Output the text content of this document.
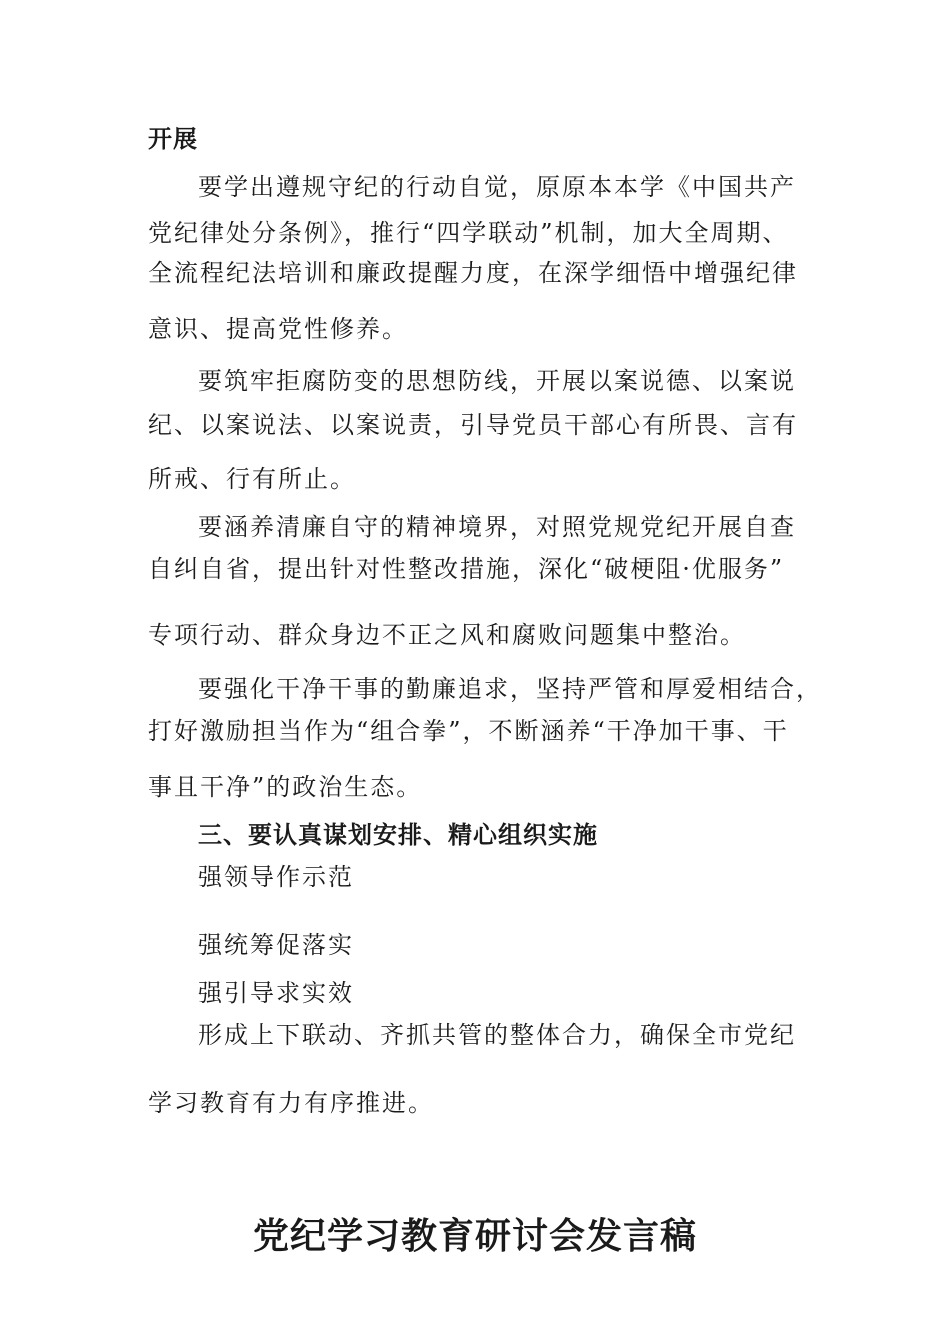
开展
要学出遵规守纪的行动自觉，原原本本学《中国共产
党纪律处分条例》，推行“四学联动”机制，加大全周期、
全流程纪法培训和廉政提醒力度，在深学细悟中增强纪律
意识、提高党性修养。
要筑牢拒腐防变的思想防线，开展以案说德、以案说
纪、以案说法、以案说责，引导党员干部心有所畏、言有
所戒、行有所止。
要涵养清廉自守的精神境界，对照党规党纪开展自查
自纠自省，提出针对性整改措施，深化“破梗阻·优服务”
专项行动、群众身边不正之风和腐败问题集中整治。
要强化干净干事的勤廉追求，坚持严管和厚爱相结合，
打好激励担当作为“组合拳”，不断涵养“干净加干事、干
事且干净”的政治生态。
三、要认真谋划安排、精心组织实施
强领导作示范
强统筹促落实
强引导求实效
形成上下联动、齐抓共管的整体合力，确保全市党纪
学习教育有力有序推进。
党纪学习教育研讨会发言稿
